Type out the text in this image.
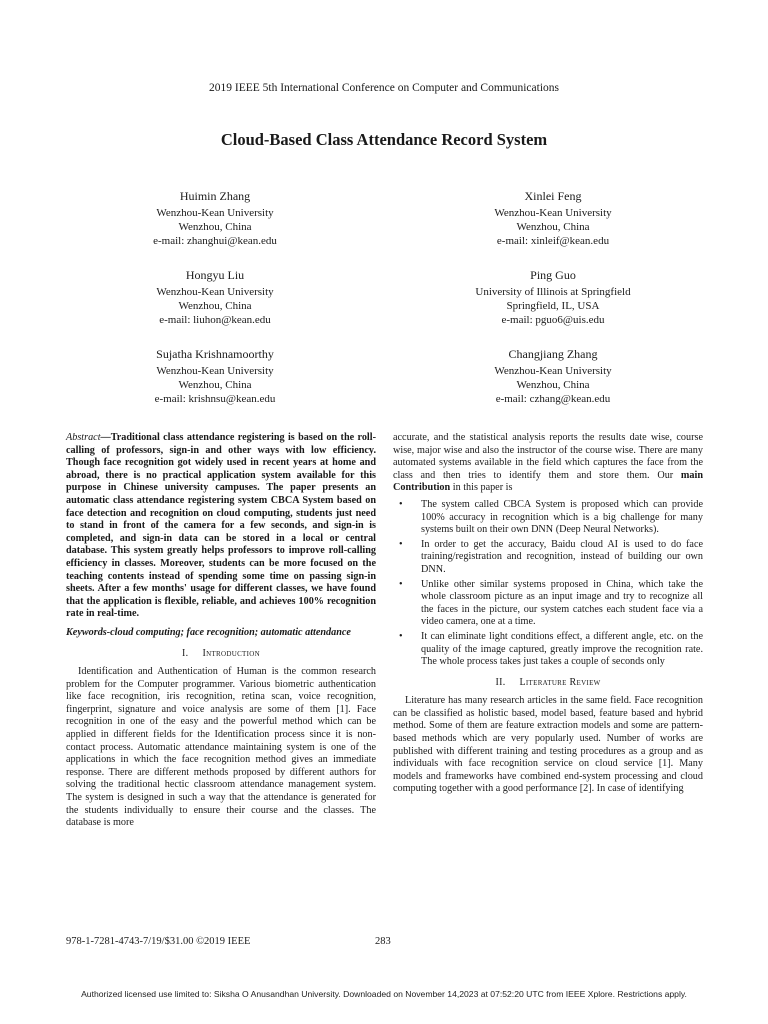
2019 IEEE 5th International Conference on Computer and Communications
Cloud-Based Class Attendance Record System
Huimin Zhang
Wenzhou-Kean University
Wenzhou, China
e-mail: zhanghui@kean.edu
Xinlei Feng
Wenzhou-Kean University
Wenzhou, China
e-mail: xinleif@kean.edu
Hongyu Liu
Wenzhou-Kean University
Wenzhou, China
e-mail: liuhon@kean.edu
Ping Guo
University of Illinois at Springfield
Springfield, IL, USA
e-mail: pguo6@uis.edu
Sujatha Krishnamoorthy
Wenzhou-Kean University
Wenzhou, China
e-mail: krishnsu@kean.edu
Changjiang Zhang
Wenzhou-Kean University
Wenzhou, China
e-mail: czhang@kean.edu

Abstract—Traditional class attendance registering is based on the roll-calling of professors, sign-in and other ways with low efficiency. Though face recognition got widely used in recent years at home and abroad, there is no practical application system available for this purpose in Chinese university campuses. The paper presents an automatic class attendance registering system CBCA System based on face detection and recognition on cloud computing, students just need to stand in front of the camera for a few seconds, and sign-in is completed, and sign-in data can be stored in a local or central database. This system greatly helps professors to improve roll-calling efficiency in classes. Moreover, students can be more focused on the teaching contents instead of spending some time on passing sign-in sheets. After a few months' usage for different classes, we have found that the application is flexible, reliable, and achieves 100% recognition rate in real-time.

Keywords-cloud computing; face recognition; automatic attendance

I. Introduction

Identification and Authentication of Human is the common research problem for the Computer programmer. Various biometric authentication like face recognition, iris recognition, retina scan, voice recognition, fingerprint, signature and voice analysis are some of them [1]. Face recognition in one of the easy and the powerful method which can be applied in different fields for the Identification process since it is non-contact process. Automatic attendance maintaining system is one of the applications in which the face recognition method gives an immediate response. There are different methods proposed by different authors for solving the traditional hectic classroom attendance management system. The system is designed in such a way that the attendance is generated for the students individually to ensure their course and the classes. The database is more

accurate, and the statistical analysis reports the results date wise, course wise, major wise and also the instructor of the course wise. There are many automated systems available in the field which captures the face from the class and then tries to identify them and store them. Our main Contribution in this paper is

• The system called CBCA System is proposed which can provide 100% accuracy in recognition which is a big challenge for many systems built on their own DNN (Deep Neural Networks).
• In order to get the accuracy, Baidu cloud AI is used to do face training/registration and recognition, instead of building our own DNN.
• Unlike other similar systems proposed in China, which take the whole classroom picture as an input image and try to recognize all the faces in the picture, our system catches each student face via a video camera, one at a time.
• It can eliminate light conditions effect, a different angle, etc. on the quality of the image captured, greatly improve the recognition rate. The whole process takes just takes a couple of seconds only

II. Literature Review

Literature has many research articles in the same field. Face recognition can be classified as holistic based, model based, feature based and hybrid method. Some of them are feature extraction models and some are pattern-based methods which are very popularly used. Number of works are published with different training and testing procedures as a group and as individuals with face recognition service on cloud service [1]. Many models and frameworks have combined end-system processing and cloud computing together with a good performance [2]. In case of identifying

978-1-7281-4743-7/19/$31.00 ©2019 IEEE	283
Authorized licensed use limited to: Siksha O Anusandhan University. Downloaded on November 14,2023 at 07:52:20 UTC from IEEE Xplore. Restrictions apply.
